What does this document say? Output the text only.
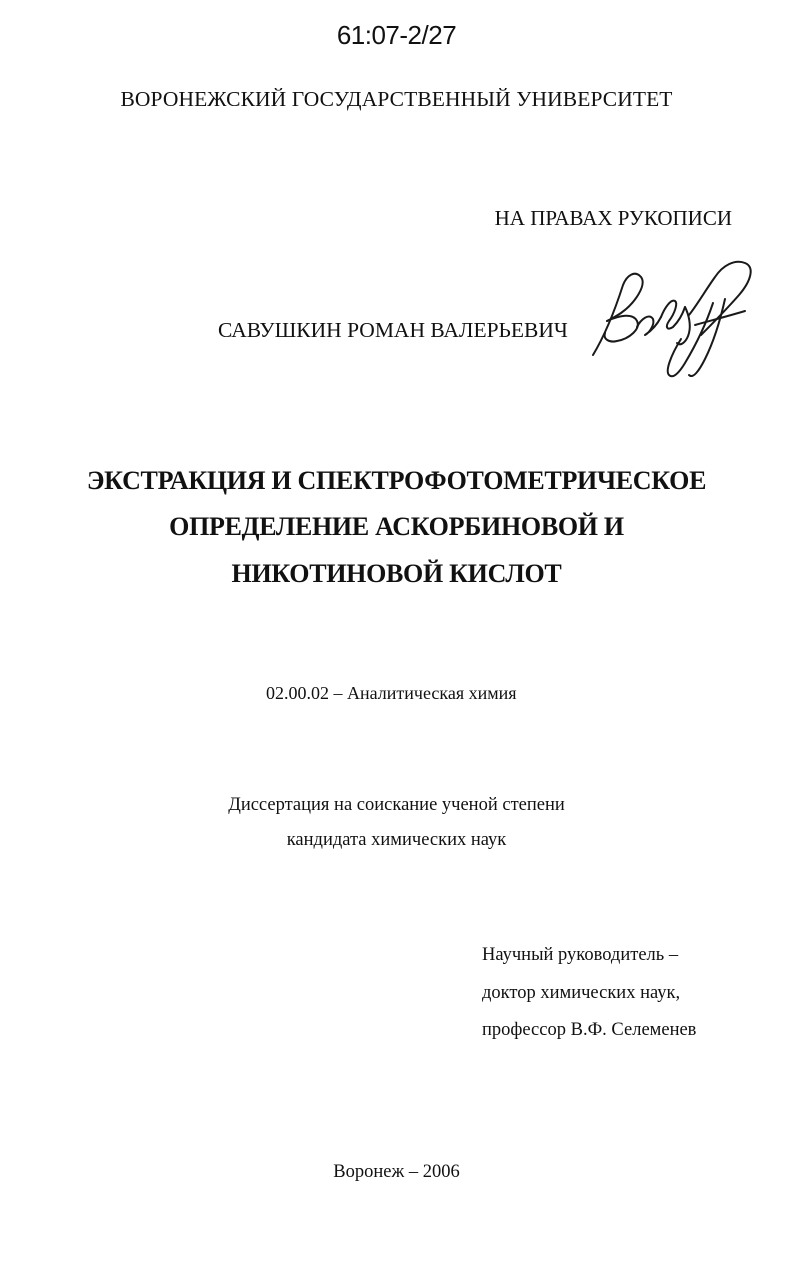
61:07-2/27
ВОРОНЕЖСКИЙ ГОСУДАРСТВЕННЫЙ УНИВЕРСИТЕТ
НА ПРАВАХ РУКОПИСИ
САВУШКИН РОМАН ВАЛЕРЬЕВИЧ
ЭКСТРАКЦИЯ И СПЕКТРОФОТОМЕТРИЧЕСКОЕ
ОПРЕДЕЛЕНИЕ АСКОРБИНОВОЙ И
НИКОТИНОВОЙ КИСЛОТ
02.00.02 – Аналитическая химия
Диссертация на соискание ученой степени
кандидата химических наук
Научный руководитель –
доктор химических наук,
профессор В.Ф. Селеменев
Воронеж – 2006
